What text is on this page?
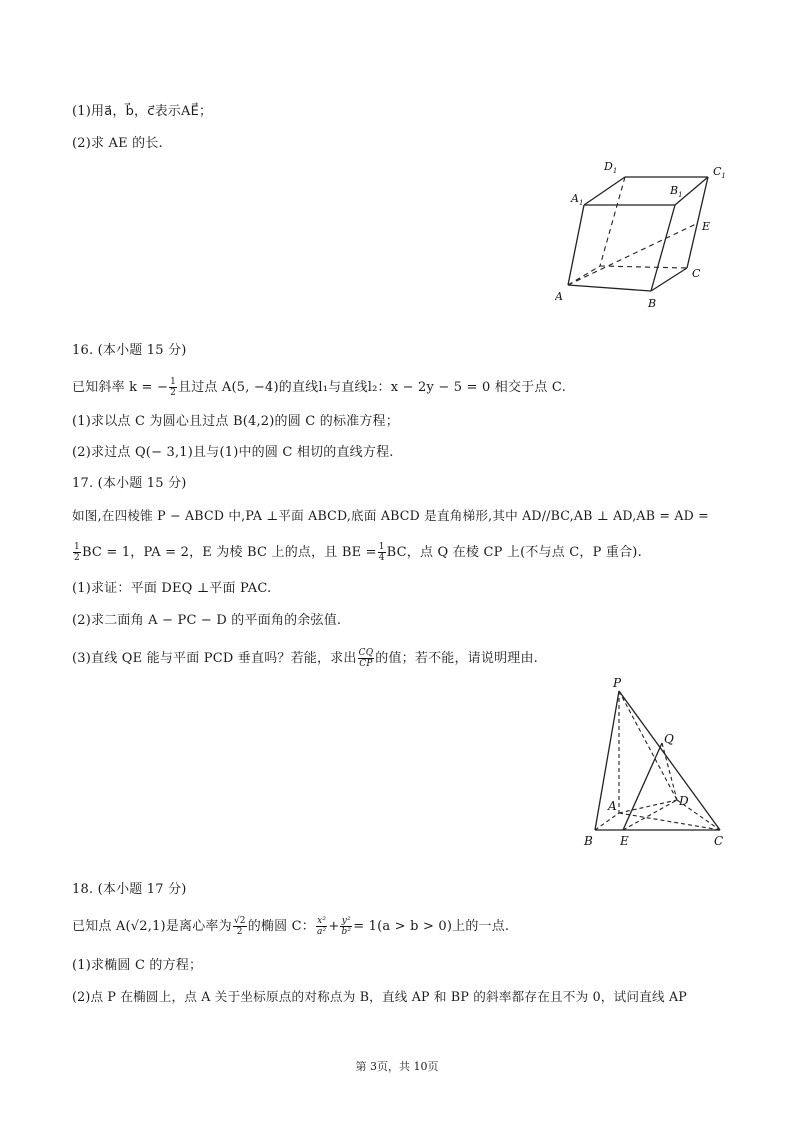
(1)用a⃗，b⃗，c⃗表示AE⃗；
(2)求 AE 的长.
$D_1$	$C_1$
$A_1$
$B_1$
E
C
A
B
16. (本小题 15 分)
已知斜率 k = − $\frac{1}{2}$ 且过点 A(5, −4)的直线l₁与直线l₂：x − 2y − 5 = 0 相交于点 C.
(1)求以点 C 为圆心且过点 B(4,2)的圆 C 的标准方程；
(2)求过点 Q(− 3,1)且与(1)中的圆 C 相切的直线方程.
17. (本小题 15 分)
如图,在四棱锥 P − ABCD 中,PA ⊥平面 ABCD,底面 ABCD 是直角梯形,其中 AD//BC,AB ⊥ AD,AB = AD =
$\frac{1}{2}$ BC = 1，PA = 2，E 为棱 BC 上的点，且 BE = $\frac{1}{4}$ BC，点 Q 在棱 CP 上(不与点 C，P 重合).
(1)求证：平面 DEQ ⊥平面 PAC.
(2)求二面角 A − PC − D 的平面角的余弦值.
(3)直线 QE 能与平面 PCD 垂直吗？若能，求出 $\frac{CQ}{CP}$ 的值；若不能，请说明理由.
P
Q
A	D
B E	C
18. (本小题 17 分)
已知点 A(√2,1)是离心率为 $\frac{√2}{2}$ 的椭圆 C： $\frac{\text{x²}}{\text{a²}} + \frac{\text{y²}}{\text{b²}} = 1(a > b > 0)$上的一点.
(1)求椭圆 C 的方程；
(2)点 P 在椭圆上，点 A 关于坐标原点的对称点为 B，直线 AP 和 BP 的斜率都存在且不为 0，试问直线 AP
第 3页，共 10页
